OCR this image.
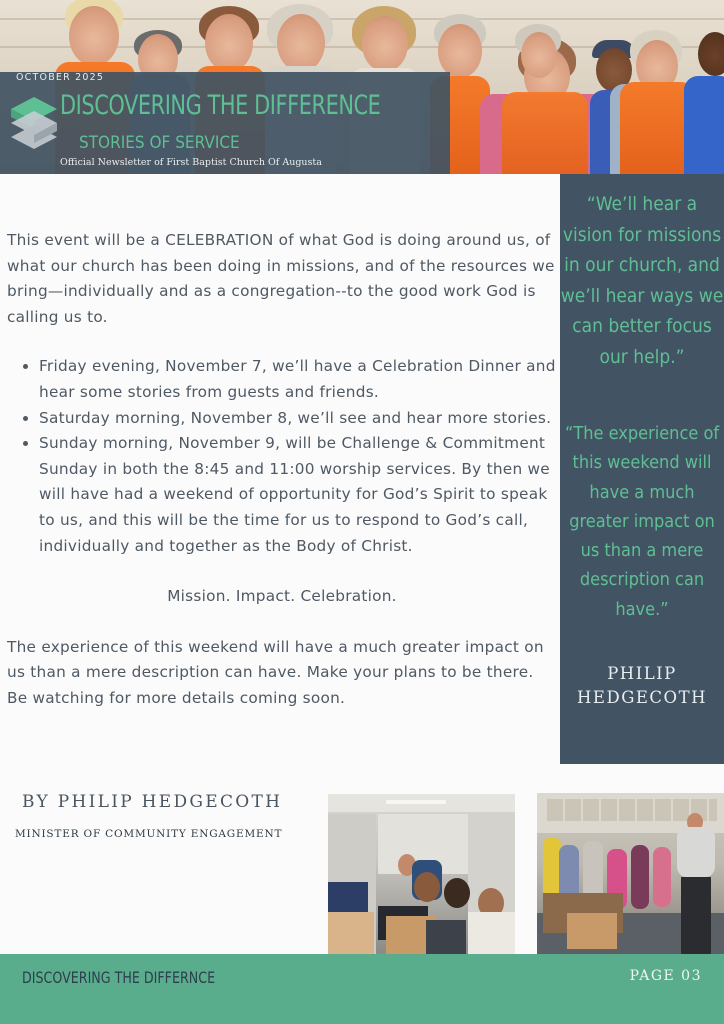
OCTOBER 2025
DISCOVERING THE DIFFERENCE
STORIES OF SERVICE
Official Newsletter of First Baptist Church Of Augusta

This event will be a CELEBRATION of what God is doing around us, of what our church has been doing in missions, and of the resources we bring—individually and as a congregation--to the good work God is calling us to.

• Friday evening, November 7, we’ll have a Celebration Dinner and hear some stories from guests and friends.
• Saturday morning, November 8, we’ll see and hear more stories.
• Sunday morning, November 9, will be Challenge & Commitment Sunday in both the 8:45 and 11:00 worship services. By then we will have had a weekend of opportunity for God’s Spirit to speak to us, and this will be the time for us to respond to God’s call, individually and together as the Body of Christ.

Mission. Impact. Celebration.

The experience of this weekend will have a much greater impact on us than a mere description can have. Make your plans to be there. Be watching for more details coming soon.

“We’ll hear a vision for missions in our church, and we’ll hear ways we can better focus our help.”
“The experience of this weekend will have a much greater impact on us than a mere description can have.”
PHILIP HEDGECOTH
BY PHILIP HEDGECOTH
MINISTER OF COMMUNITY ENGAGEMENT
DISCOVERING THE DIFFERNCE	PAGE 03
